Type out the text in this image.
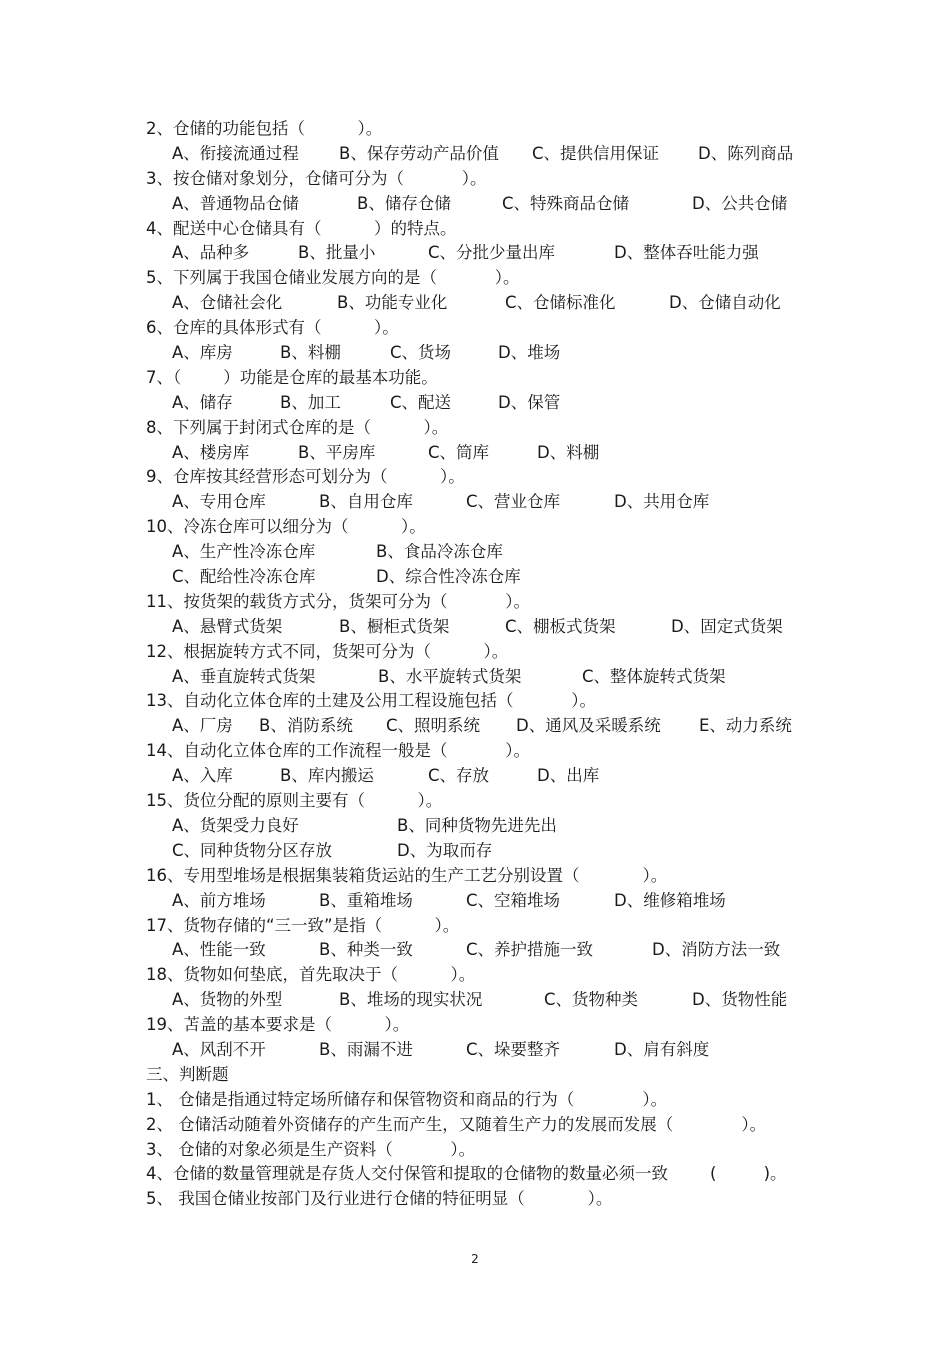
2、仓储的功能包括（          ）。
A、衔接流通过程 B、保存劳动产品价值 C、提供信用保证 D、陈列商品
3、按仓储对象划分，仓储可分为（           ）。
A、普通物品仓储	B、储存仓储	C、特殊商品仓储	D、公共仓储
4、配送中心仓储具有（          ）的特点。
A、品种多	B、批量小	C、分批少量出库	D、整体吞吐能力强
5、下列属于我国仓储业发展方向的是（           ）。
A、仓储社会化	B、功能专业化	C、仓储标准化	D、仓储自动化
6、仓库的具体形式有（          ）。
A、库房	B、料棚	C、货场	D、堆场
7、（        ）功能是仓库的最基本功能。
A、储存	B、加工	C、配送	D、保管
8、下列属于封闭式仓库的是（          ）。
A、楼房库	B、平房库	C、筒库	D、料棚
9、仓库按其经营形态可划分为（          ）。
A、专用仓库	B、自用仓库	C、营业仓库	D、共用仓库
10、冷冻仓库可以细分为（          ）。
A、生产性冷冻仓库	B、食品冷冻仓库
C、配给性冷冻仓库	D、综合性冷冻仓库
11、按货架的载货方式分，货架可分为（           ）。
A、悬臂式货架	B、橱柜式货架	C、棚板式货架	D、固定式货架
12、根据旋转方式不同，货架可分为（          ）。
A、垂直旋转式货架	B、水平旋转式货架	C、整体旋转式货架
13、自动化立体仓库的土建及公用工程设施包括（           ）。
A、厂房 B、消防系统 C、照明系统 D、通风及采暖系统 E、动力系统
14、自动化立体仓库的工作流程一般是（           ）。
A、入库	B、库内搬运	C、存放	D、出库
15、货位分配的原则主要有（          ）。
A、货架受力良好	B、同种货物先进先出
C、同种货物分区存放	D、为取而存
16、专用型堆场是根据集装箱货运站的生产工艺分别设置（            ）。
A、前方堆场	B、重箱堆场	C、空箱堆场	D、维修箱堆场
17、货物存储的“三一致”是指（          ）。
A、性能一致	B、种类一致	C、养护措施一致	D、消防方法一致
18、货物如何垫底，首先取决于（          ）。
A、货物的外型	B、堆场的现实状况	C、货物种类	D、货物性能
19、苫盖的基本要求是（          ）。
A、风刮不开	B、雨漏不进	C、垛要整齐	D、肩有斜度
三、判断题
1、 仓储是指通过特定场所储存和保管物资和商品的行为（             ）。
2、 仓储活动随着外资储存的产生而产生，又随着生产力的发展而发展（             ）。
3、 仓储的对象必须是生产资料（           ）。
4、仓储的数量管理就是存货人交付保管和提取的仓储物的数量必须一致        (         )。
5、 我国仓储业按部门及行业进行仓储的特征明显（            ）。
2
